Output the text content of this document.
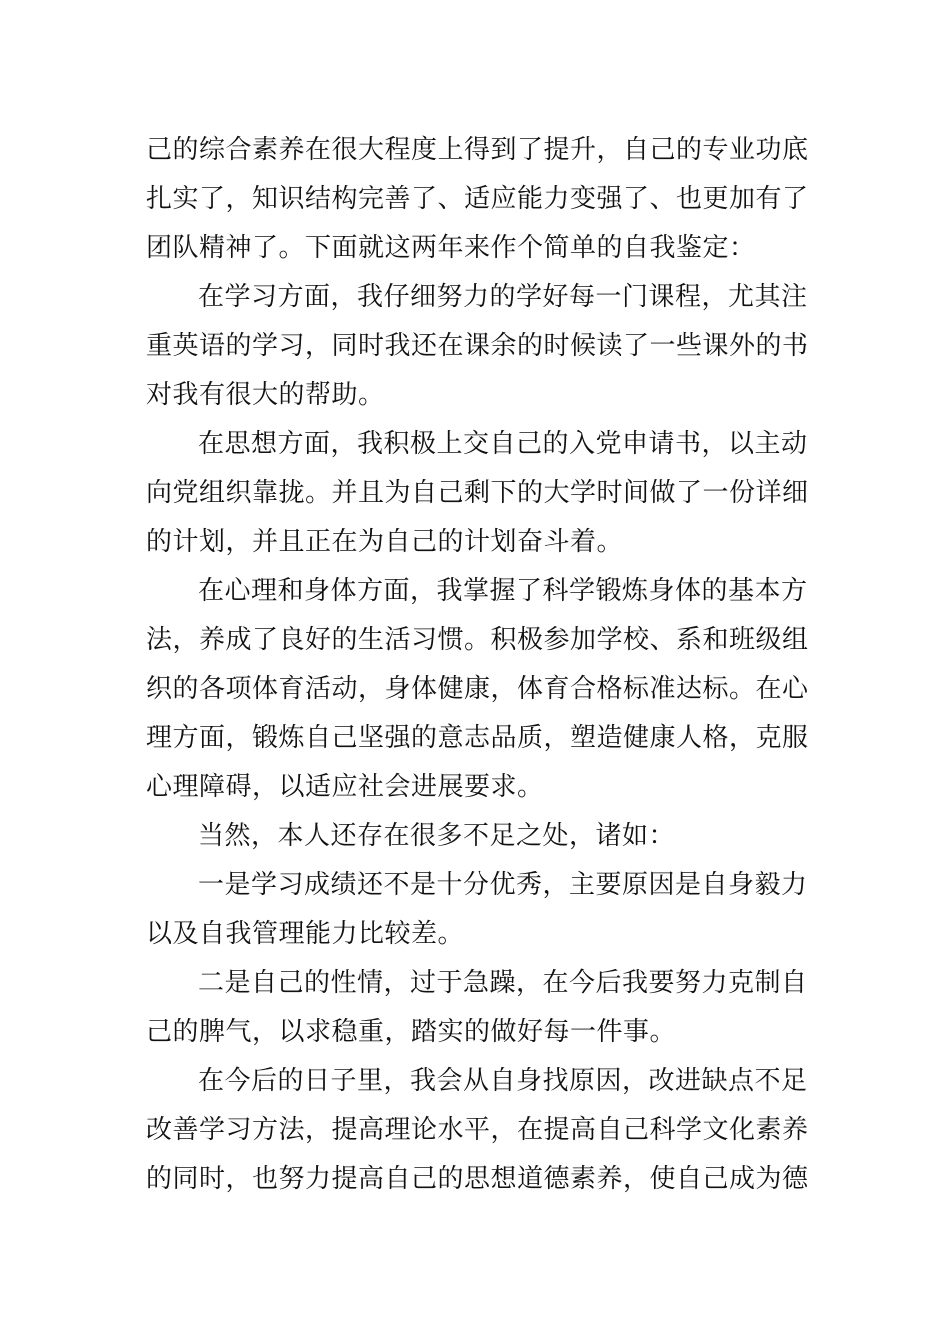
己的综合素养在很大程度上得到了提升，自己的专业功底
扎实了，知识结构完善了、适应能力变强了、也更加有了
团队精神了。下面就这两年来作个简单的自我鉴定：
在学习方面，我仔细努力的学好每一门课程，尤其注
重英语的学习，同时我还在课余的时候读了一些课外的书
对我有很大的帮助。
在思想方面，我积极上交自己的入党申请书，以主动
向党组织靠拢。并且为自己剩下的大学时间做了一份详细
的计划，并且正在为自己的计划奋斗着。
在心理和身体方面，我掌握了科学锻炼身体的基本方
法，养成了良好的生活习惯。积极参加学校、系和班级组
织的各项体育活动，身体健康，体育合格标准达标。在心
理方面，锻炼自己坚强的意志品质，塑造健康人格，克服
心理障碍，以适应社会进展要求。
当然，本人还存在很多不足之处，诸如：
一是学习成绩还不是十分优秀，主要原因是自身毅力
以及自我管理能力比较差。
二是自己的性情，过于急躁，在今后我要努力克制自
己的脾气，以求稳重，踏实的做好每一件事。
在今后的日子里，我会从自身找原因，改进缺点不足
改善学习方法，提高理论水平，在提高自己科学文化素养
的同时，也努力提高自己的思想道德素养，使自己成为德
